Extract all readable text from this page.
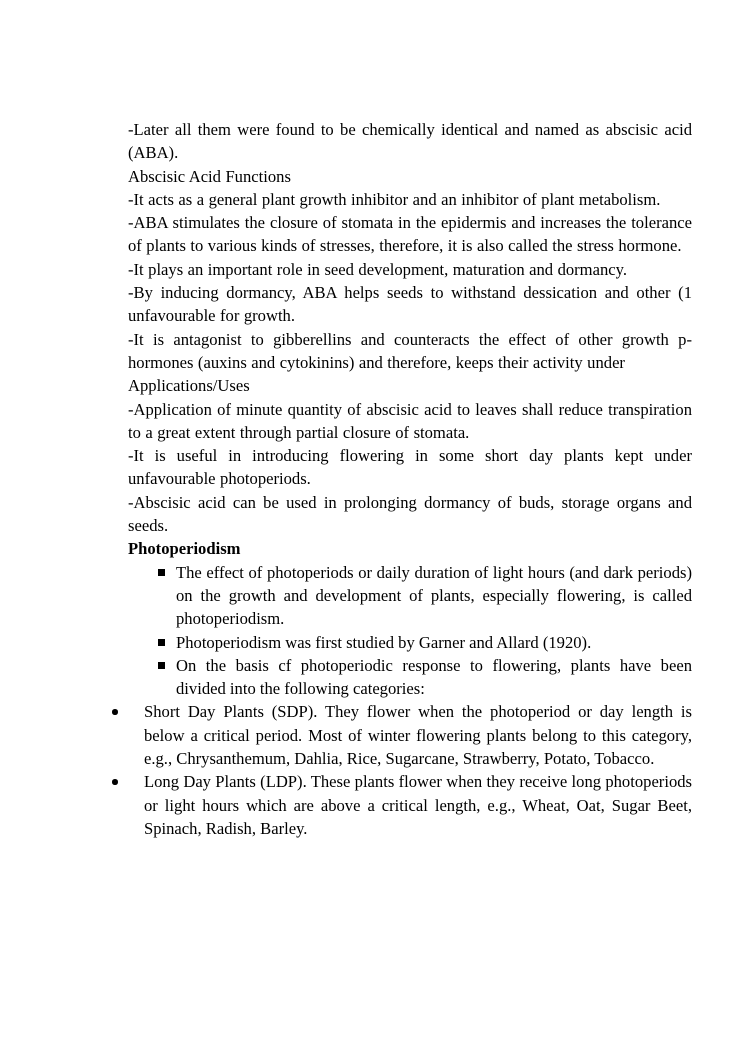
-Later all them were found to be chemically identical and named as abscisic acid (ABA).

Abscisic Acid Functions

-It acts as a general plant growth inhibitor and an inhibitor of plant metabolism.

-ABA stimulates the closure of stomata in the epidermis and increases the tolerance of plants to various kinds of stresses, therefore, it is also called the stress hormone.

-It plays an important role in seed development, maturation and dormancy.

-By inducing dormancy, ABA helps seeds to withstand dessication and other (1 unfavourable for growth.

-It is antagonist to gibberellins and counteracts the effect of other growth p-hormones (auxins and cytokinins) and therefore, keeps their activity under

Applications/Uses

-Application of minute quantity of abscisic acid to leaves shall reduce transpiration to a great extent through partial closure of stomata.

-It is useful in introducing flowering in some short day plants kept under unfavourable photoperiods.

-Abscisic acid can be used in prolonging dormancy of buds, storage organs and seeds.

Photoperiodism

The effect of photoperiods or daily duration of light hours (and dark periods) on the growth and development of plants, especially flowering, is called photoperiodism.
Photoperiodism was first studied by Garner and Allard (1920).
On the basis cf photoperiodic response to flowering, plants have been divided into the following categories:
Short Day Plants (SDP). They flower when the photoperiod or day length is below a critical period. Most of winter flowering plants belong to this category, e.g., Chrysanthemum, Dahlia, Rice, Sugarcane, Strawberry, Potato, Tobacco.
Long Day Plants (LDP). These plants flower when they receive long photoperiods or light hours which are above a critical length, e.g., Wheat, Oat, Sugar Beet, Spinach, Radish, Barley.
